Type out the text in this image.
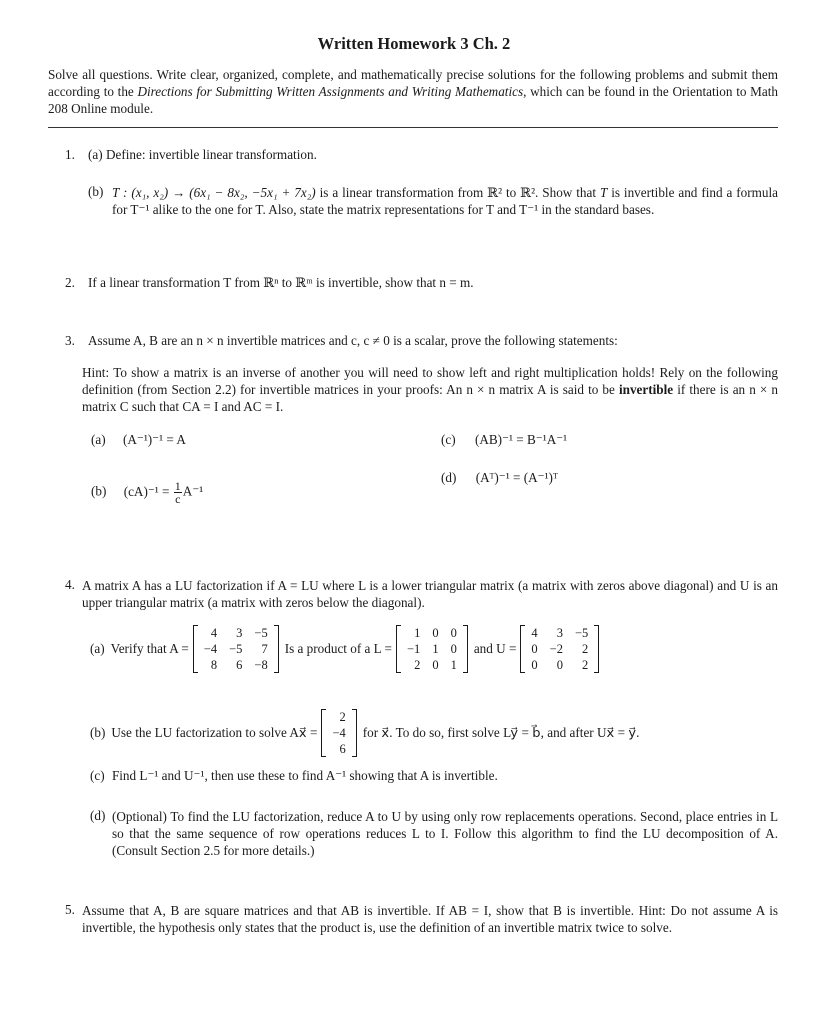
Written Homework 3 Ch. 2
Solve all questions. Write clear, organized, complete, and mathematically precise solutions for the following problems and submit them according to the Directions for Submitting Written Assignments and Writing Mathematics, which can be found in the Orientation to Math 208 Online module.
1. (a) Define: invertible linear transformation.
(b) T : (x₁, x₂) → (6x₁ − 8x₂, −5x₁ + 7x₂) is a linear transformation from ℝ² to ℝ². Show that T is invertible and find a formula for T⁻¹ alike to the one for T. Also, state the matrix representations for T and T⁻¹ in the standard bases.
2. If a linear transformation T from ℝⁿ to ℝᵐ is invertible, show that n = m.
3. Assume A, B are an n × n invertible matrices and c, c ≠ 0 is a scalar, prove the following statements:
Hint: To show a matrix is an inverse of another you will need to show left and right multiplication holds! Rely on the following definition (from Section 2.2) for invertible matrices in your proofs: An n × n matrix A is said to be invertible if there is an n × n matrix C such that CA = I and AC = I.
(a) (A⁻¹)⁻¹ = A	(c) (AB)⁻¹ = B⁻¹A⁻¹
(d) (Aᵀ)⁻¹ = (A⁻¹)ᵀ
(b) $(cA)^{-1} = \frac{1}{c} A^{-1}$
4. A matrix A has a LU factorization if A = LU where L is a lower triangular matrix (a matrix with zeros above diagonal) and U is an upper triangular matrix (a matrix with zeros below the diagonal).
(a) Verify that A =
4	3	−5
−4	−5	7
8	6	−8
Is a product of a L =
1	0	0
−1	1	0
2	0	1
and U =
4	3	−5
0	−2	2
0	0	2
(b) Use the LU factorization to solve Ax⃗ =
2
−4
6
for x⃗. To do so, first solve Ly⃗ = b⃗, and after Ux⃗ = y⃗.
(c) Find L⁻¹ and U⁻¹, then use these to find A⁻¹ showing that A is invertible.
(d) (Optional) To find the LU factorization, reduce A to U by using only row replacements operations. Second, place entries in L so that the same sequence of row operations reduces L to I. Follow this algorithm to find the LU decomposition of A. (Consult Section 2.5 for more details.)
5. Assume that A, B are square matrices and that AB is invertible. If AB = I, show that B is invertible. Hint: Do not assume A is invertible, the hypothesis only states that the product is, use the definition of an invertible matrix twice to solve.
